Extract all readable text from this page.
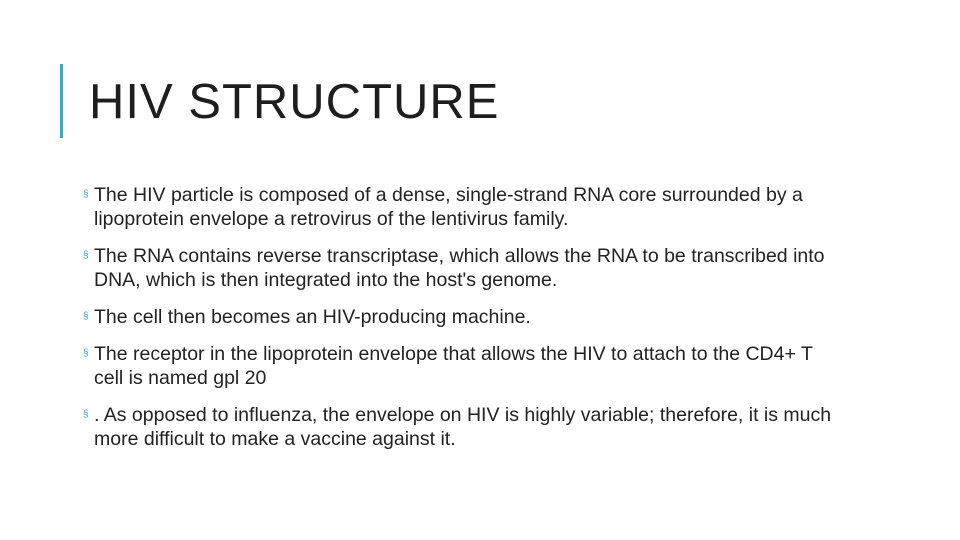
HIV STRUCTURE
§ The HIV particle is composed of a dense, single-strand RNA core surrounded by a lipoprotein envelope a retrovirus of the lentivirus family.
§ The RNA contains reverse transcriptase, which allows the RNA to be transcribed into DNA, which is then integrated into the host's genome.
§ The cell then becomes an HIV-producing machine.
§ The receptor in the lipoprotein envelope that allows the HIV to attach to the CD4+ T cell is named gpl 20
§ . As opposed to influenza, the envelope on HIV is highly variable; therefore, it is much more difficult to make a vaccine against it.
